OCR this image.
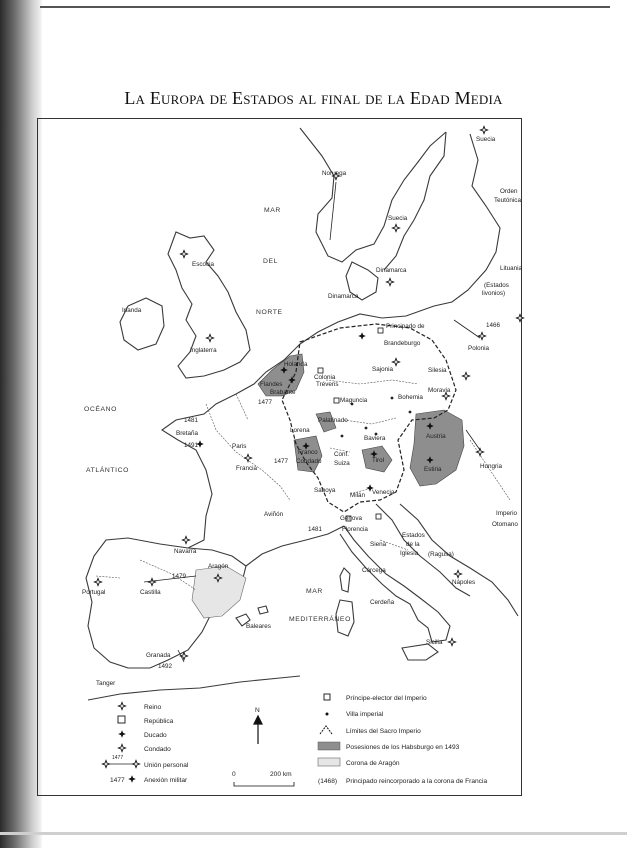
La Europa de Estados al final de la Edad Media
MAR
DEL
NORTE
OCÉANO
ATLÁNTICO
MAR
MEDITERRÁNEO
Suecia
Orden
Teutónica
Noruega
Suecia
Escocia
Dinamarca
Dinamarca
Lituania
(Estados
livonios)
Irlanda
Inglaterra
Principado de
Brandeburgo
Polonia
1466
Colonia
Sajonia	Silesia
Flandes
Holanda
Brabante
1477	Maguncia	Bohemia
Moravia
Tréveris
Palatinado
1481
Bretaña
1491	Paris
Lorena
Baviera	Austria
Hungria
Francia
1477
Franco
Condado
Conf.
Suiza	Tirol
Estiria
Saboya
Milán Venecia
Aviñón
Génova
1481	Florencia
Siena
Estados
de la
Iglesia (Ragusa)
Imperio
Otomano
Navarra
Aragón
Portugal	Castilla
1479
Córcega
Cerdeña
Nápoles
Baleares
Sicilia
Granada
1492
Tanger
Reino
República
Ducado
Condado
1477
Unión personal
1477	Anexión militar
N
0	200 km
Príncipe-elector del Imperio
Villa imperial
Límites del Sacro Imperio
Posesiones de los Habsburgo en 1493
Corona de Aragón
(1468) Principado reincorporado a la corona de Francia
